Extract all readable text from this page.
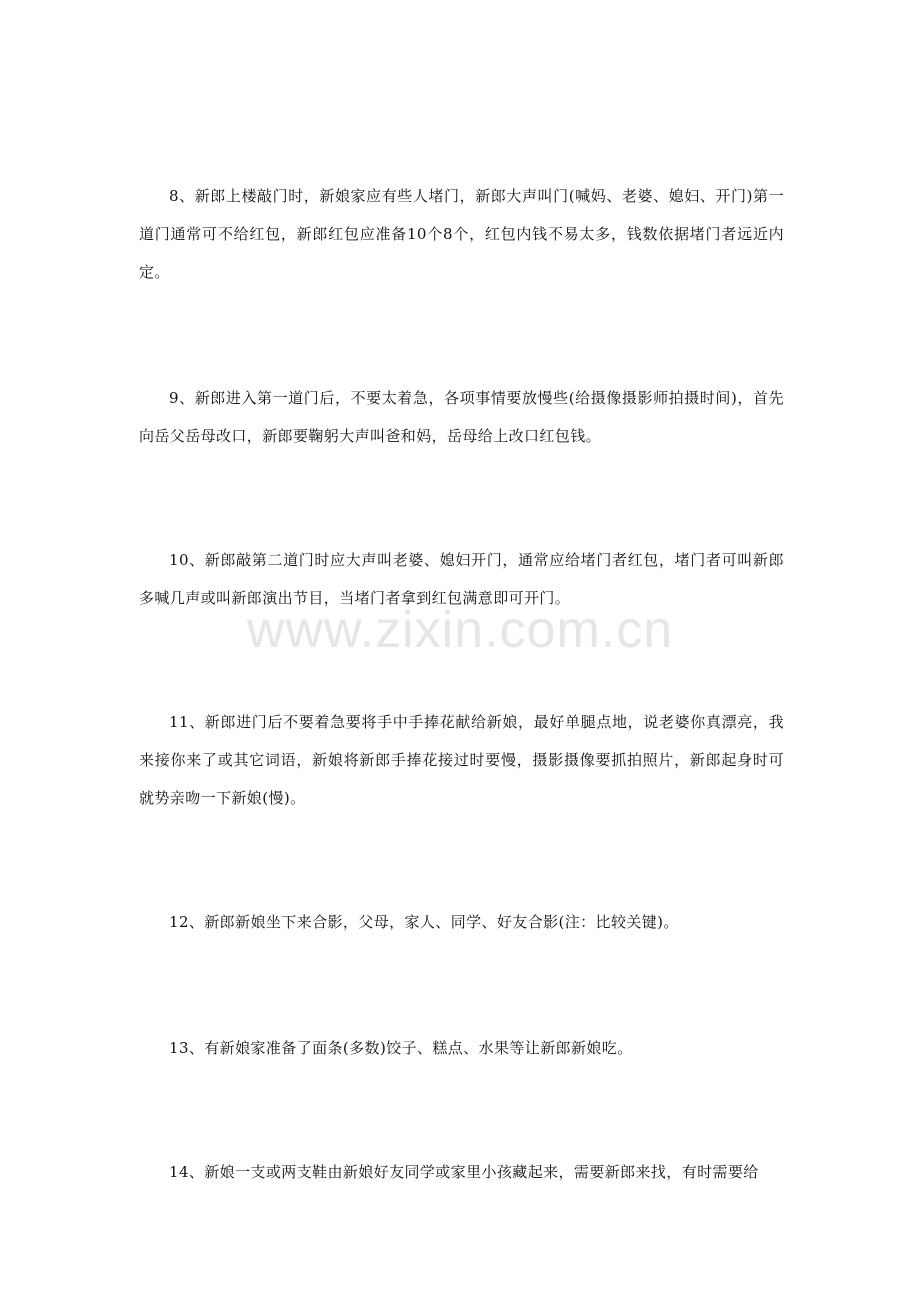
8、新郎上楼敲门时，新娘家应有些人堵门，新郎大声叫门(喊妈、老婆、媳妇、开门)第一道门通常可不给红包，新郎红包应准备10个8个，红包内钱不易太多，钱数依据堵门者远近内定。

9、新郎进入第一道门后，不要太着急，各项事情要放慢些(给摄像摄影师拍摄时间)，首先向岳父岳母改口，新郎要鞠躬大声叫爸和妈，岳母给上改口红包钱。

10、新郎敲第二道门时应大声叫老婆、媳妇开门，通常应给堵门者红包，堵门者可叫新郎多喊几声或叫新郎演出节目，当堵门者拿到红包满意即可开门。

www.zixin.com.cn

11、新郎进门后不要着急要将手中手捧花献给新娘，最好单腿点地，说老婆你真漂亮，我来接你来了或其它词语，新娘将新郎手捧花接过时要慢，摄影摄像要抓拍照片，新郎起身时可就势亲吻一下新娘(慢)。

12、新郎新娘坐下来合影，父母，家人、同学、好友合影(注：比较关键)。

13、有新娘家准备了面条(多数)饺子、糕点、水果等让新郎新娘吃。

14、新娘一支或两支鞋由新娘好友同学或家里小孩藏起来，需要新郎来找，有时需要给
